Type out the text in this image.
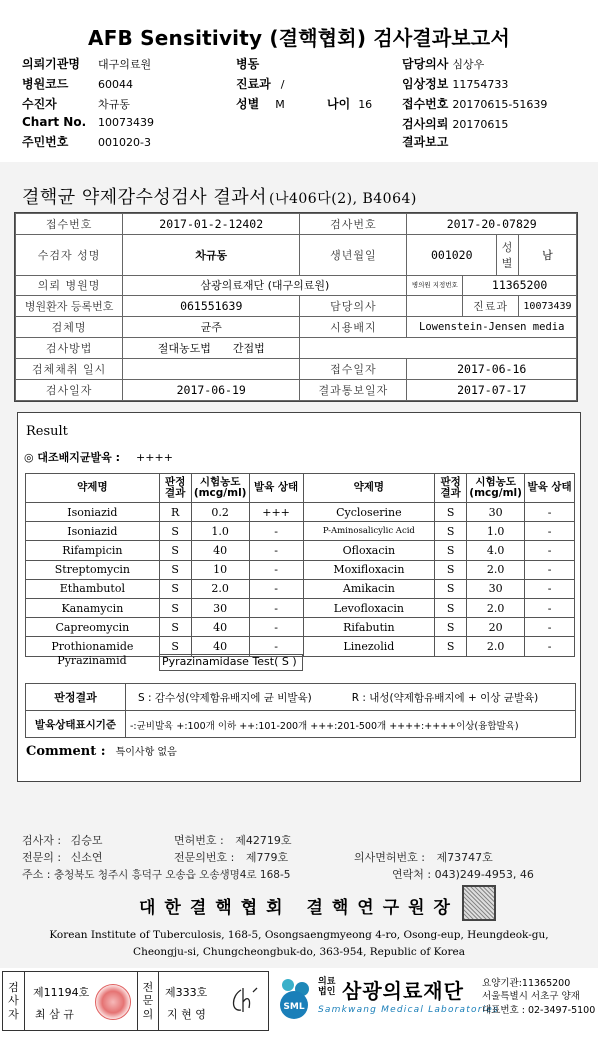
AFB Sensitivity (결핵협회) 검사결과보고서
의뢰기관명 대구의료원	병동	담당의사 심상우
병원코드	60044	진료과 /	임상정보 11754733
수진자	차규동	성별 M	나이 16 접수번호 20170615-51639
Chart No. 10073439	검사의뢰 20170615
주민번호	001020-3	결과보고
결핵균 약제감수성검사 결과서 (나406다(2), B4064)
접수번호	2017-01-2-12402	검사번호	2017-20-07829			
수검자 성명	차규동	생년월일	001020		성별	남
의뢰 병원명	삼광의료재단 (대구의료원)		병의원 지정번호	11365200		
병원환자 등록번호	061551639	담당의사		진료과		10073439
검체명	균주	시용배지	Lowenstein-Jensen media			
검사방법	절대농도법 간접법					
검체채취 일시		접수일자	2017-06-16			
검사일자	2017-06-19	결과통보일자	2017-07-17			
Result
◎ 대조배지균발육 : ++++
약제명	판정 결과	시험농도 (mcg/ml)	발육 상태	약제명	판정 결과	시험농도 (mcg/ml)	발육 상태
Isoniazid	R	0.2	+++	Cycloserine	S	30	-
Isoniazid	S	1.0	-	P-Aminosalicylic Acid	S	1.0	-
Rifampicin	S	40	-	Ofloxacin	S	4.0	-
Streptomycin	S	10	-	Moxifloxacin	S	2.0	-
Ethambutol	S	2.0	-	Amikacin	S	30	-
Kanamycin	S	30	-	Levofloxacin	S	2.0	-
Capreomycin	S	40	-	Rifabutin	S	20	-
Prothionamide	S	40	-	Linezolid	S	2.0	-
Pyrazinamid	Pyrazinamidase Test( S )
판정결과	S : 감수성(약제함유배지에 균 비발육)	R : 내성(약제함유배지에 + 이상 균발육)
발육상태표시기준	-:균비발육 +:100개 이하 ++:101-200개 +++:201-500개 ++++:++++이상(융합발육)
Comment : 특이사항 없음
검사자 : 김승모	면허번호 : 제42719호
전문의 : 신소연	전문의번호 : 제779호	의사면허번호 : 제73747호
주소 : 충청북도 청주시 흥덕구 오송읍 오송생명4로 168-5	연락처 : 043)249-4953, 46
대한결핵협회 결핵연구원장
Korean Institute of Tuberculosis, 168-5, Osongsaengmyeong 4-ro, Osong-eup, Heungdeok-gu,
Cheongju-si, Chungcheongbuk-do, 363-954, Republic of Korea
검
사
자
제11194호
최 삼 규
전
문
의
제333호
지 현 영
SML
의료
법인 삼광의료재단
Samkwang Medical Laboratories
요양기관:11365200
서울특별시 서초구 양재
대표번호 : 02-3497-5100
